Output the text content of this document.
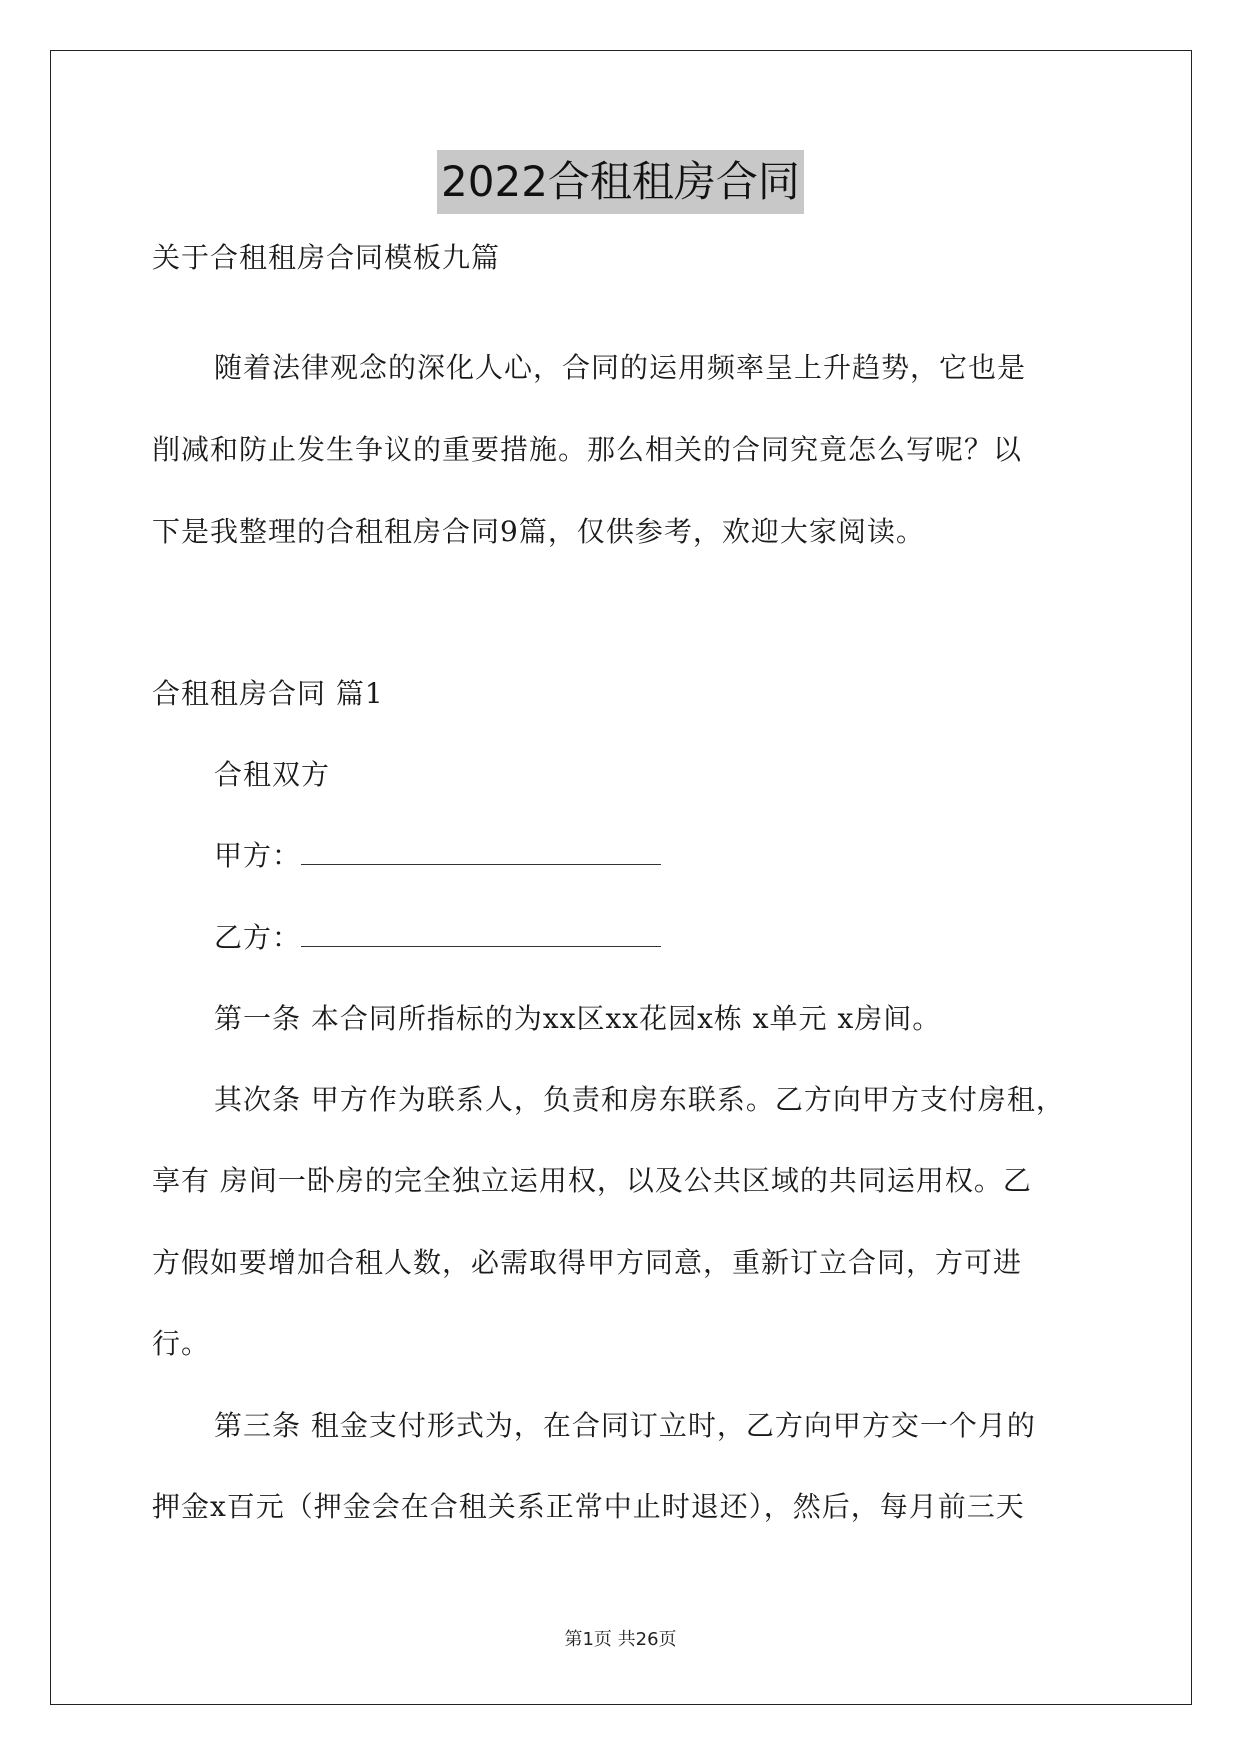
2022合租租房合同
关于合租租房合同模板九篇
随着法律观念的深化人心，合同的运用频率呈上升趋势，它也是
削减和防止发生争议的重要措施。那么相关的合同究竟怎么写呢？以
下是我整理的合租租房合同9篇，仅供参考，欢迎大家阅读。
合租租房合同 篇1
合租双方
甲方：
乙方：
第一条 本合同所指标的为xx区xx花园x栋 x单元 x房间。
其次条 甲方作为联系人，负责和房东联系。乙方向甲方支付房租，
享有 房间一卧房的完全独立运用权，以及公共区域的共同运用权。乙
方假如要增加合租人数，必需取得甲方同意，重新订立合同，方可进
行。
第三条 租金支付形式为，在合同订立时，乙方向甲方交一个月的
押金x百元（押金会在合租关系正常中止时退还），然后，每月前三天
第1页 共26页
